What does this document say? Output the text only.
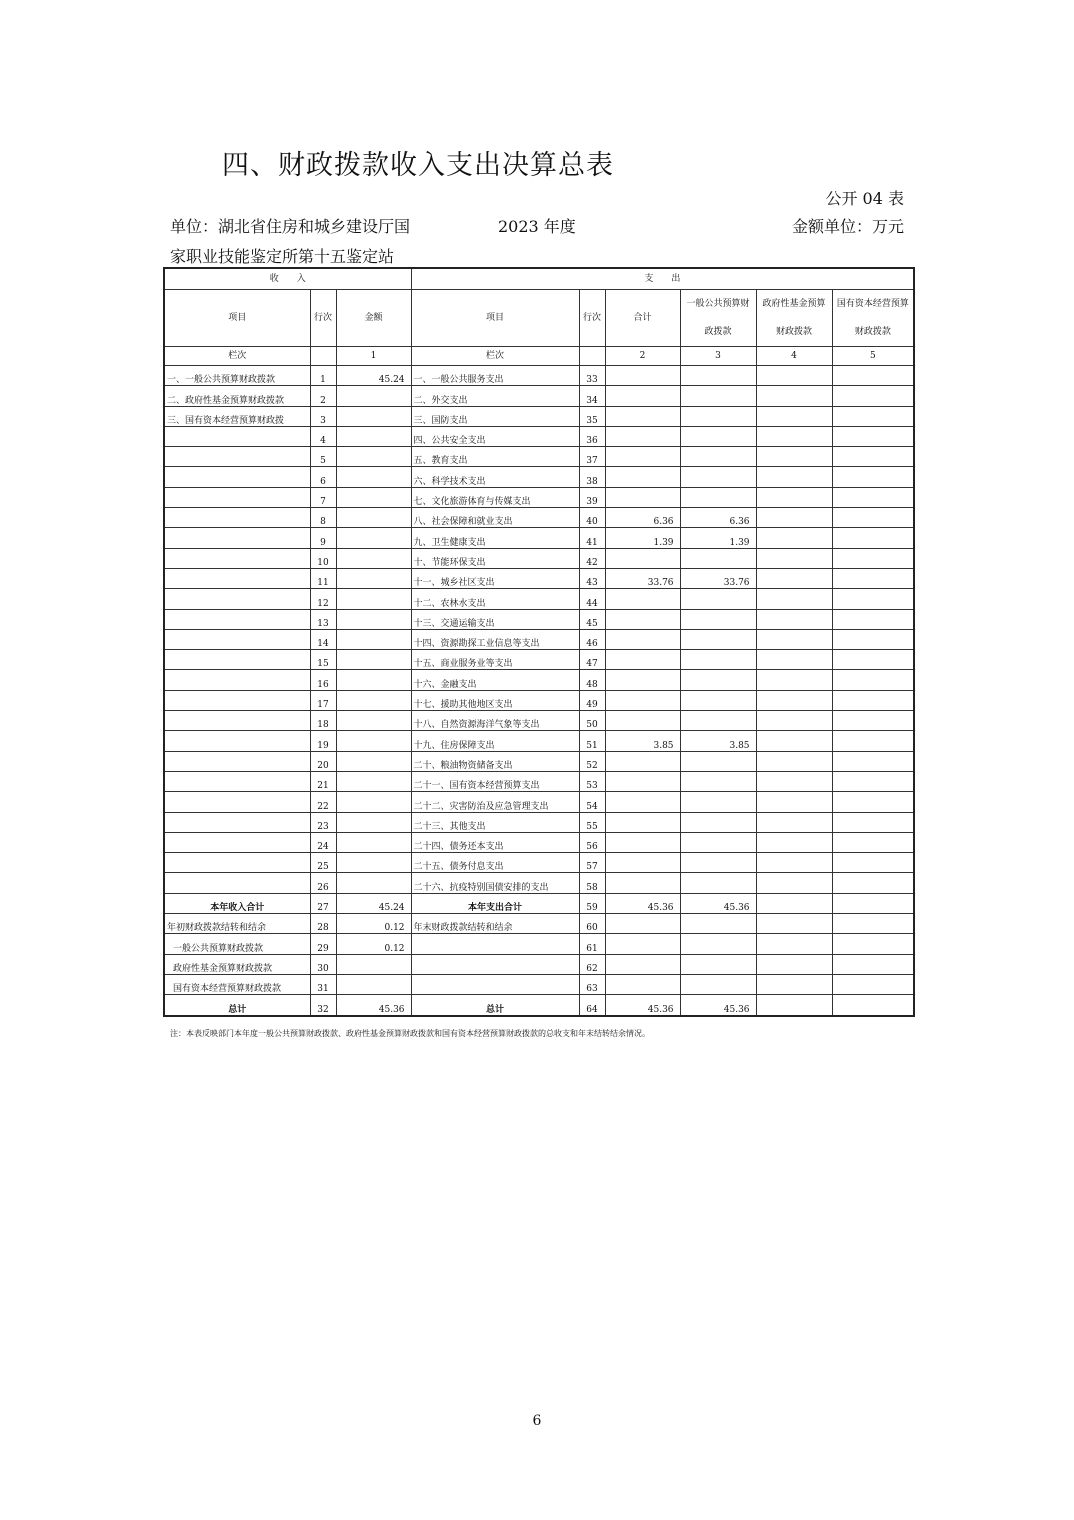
四、财政拨款收入支出决算总表
公开 04 表
单位：湖北省住房和城乡建设厅国
家职业技能鉴定所第十五鉴定站
2023 年度	金额单位：万元
收　　入			支　　出					
项目	行次	金额	项目	行次	合计	一般公共预算财政拨款	政府性基金预算财政拨款	国有资本经营预算财政拨款
栏次		1	栏次		2	3	4	5
一、一般公共预算财政拨款	1	45.24	一、一般公共服务支出	33				
二、政府性基金预算财政拨款	2		二、外交支出	34				
三、国有资本经营预算财政拨	3		三、国防支出	35				
	4		四、公共安全支出	36				
	5		五、教育支出	37				
	6		六、科学技术支出	38				
	7		七、文化旅游体育与传媒支出	39				
	8		八、社会保障和就业支出	40	6.36	6.36		
	9		九、卫生健康支出	41	1.39	1.39		
	10		十、节能环保支出	42				
	11		十一、城乡社区支出	43	33.76	33.76		
	12		十二、农林水支出	44				
	13		十三、交通运输支出	45				
	14		十四、资源勘探工业信息等支出	46				
	15		十五、商业服务业等支出	47				
	16		十六、金融支出	48				
	17		十七、援助其他地区支出	49				
	18		十八、自然资源海洋气象等支出	50				
	19		十九、住房保障支出	51	3.85	3.85		
	20		二十、粮油物资储备支出	52				
	21		二十一、国有资本经营预算支出	53				
	22		二十二、灾害防治及应急管理支出	54				
	23		二十三、其他支出	55				
	24		二十四、债务还本支出	56				
	25		二十五、债务付息支出	57				
	26		二十六、抗疫特别国债安排的支出	58				
本年收入合计	27	45.24	本年支出合计	59	45.36	45.36		
年初财政拨款结转和结余	28	0.12	年末财政拨款结转和结余	60				
一般公共预算财政拨款	29	0.12		61				
政府性基金预算财政拨款	30			62				
国有资本经营预算财政拨款	31			63				
总计	32	45.36	总计	64	45.36	45.36		
注：本表反映部门本年度一般公共预算财政拨款、政府性基金预算财政拨款和国有资本经营预算财政拨款的总收支和年末结转结余情况。
6
